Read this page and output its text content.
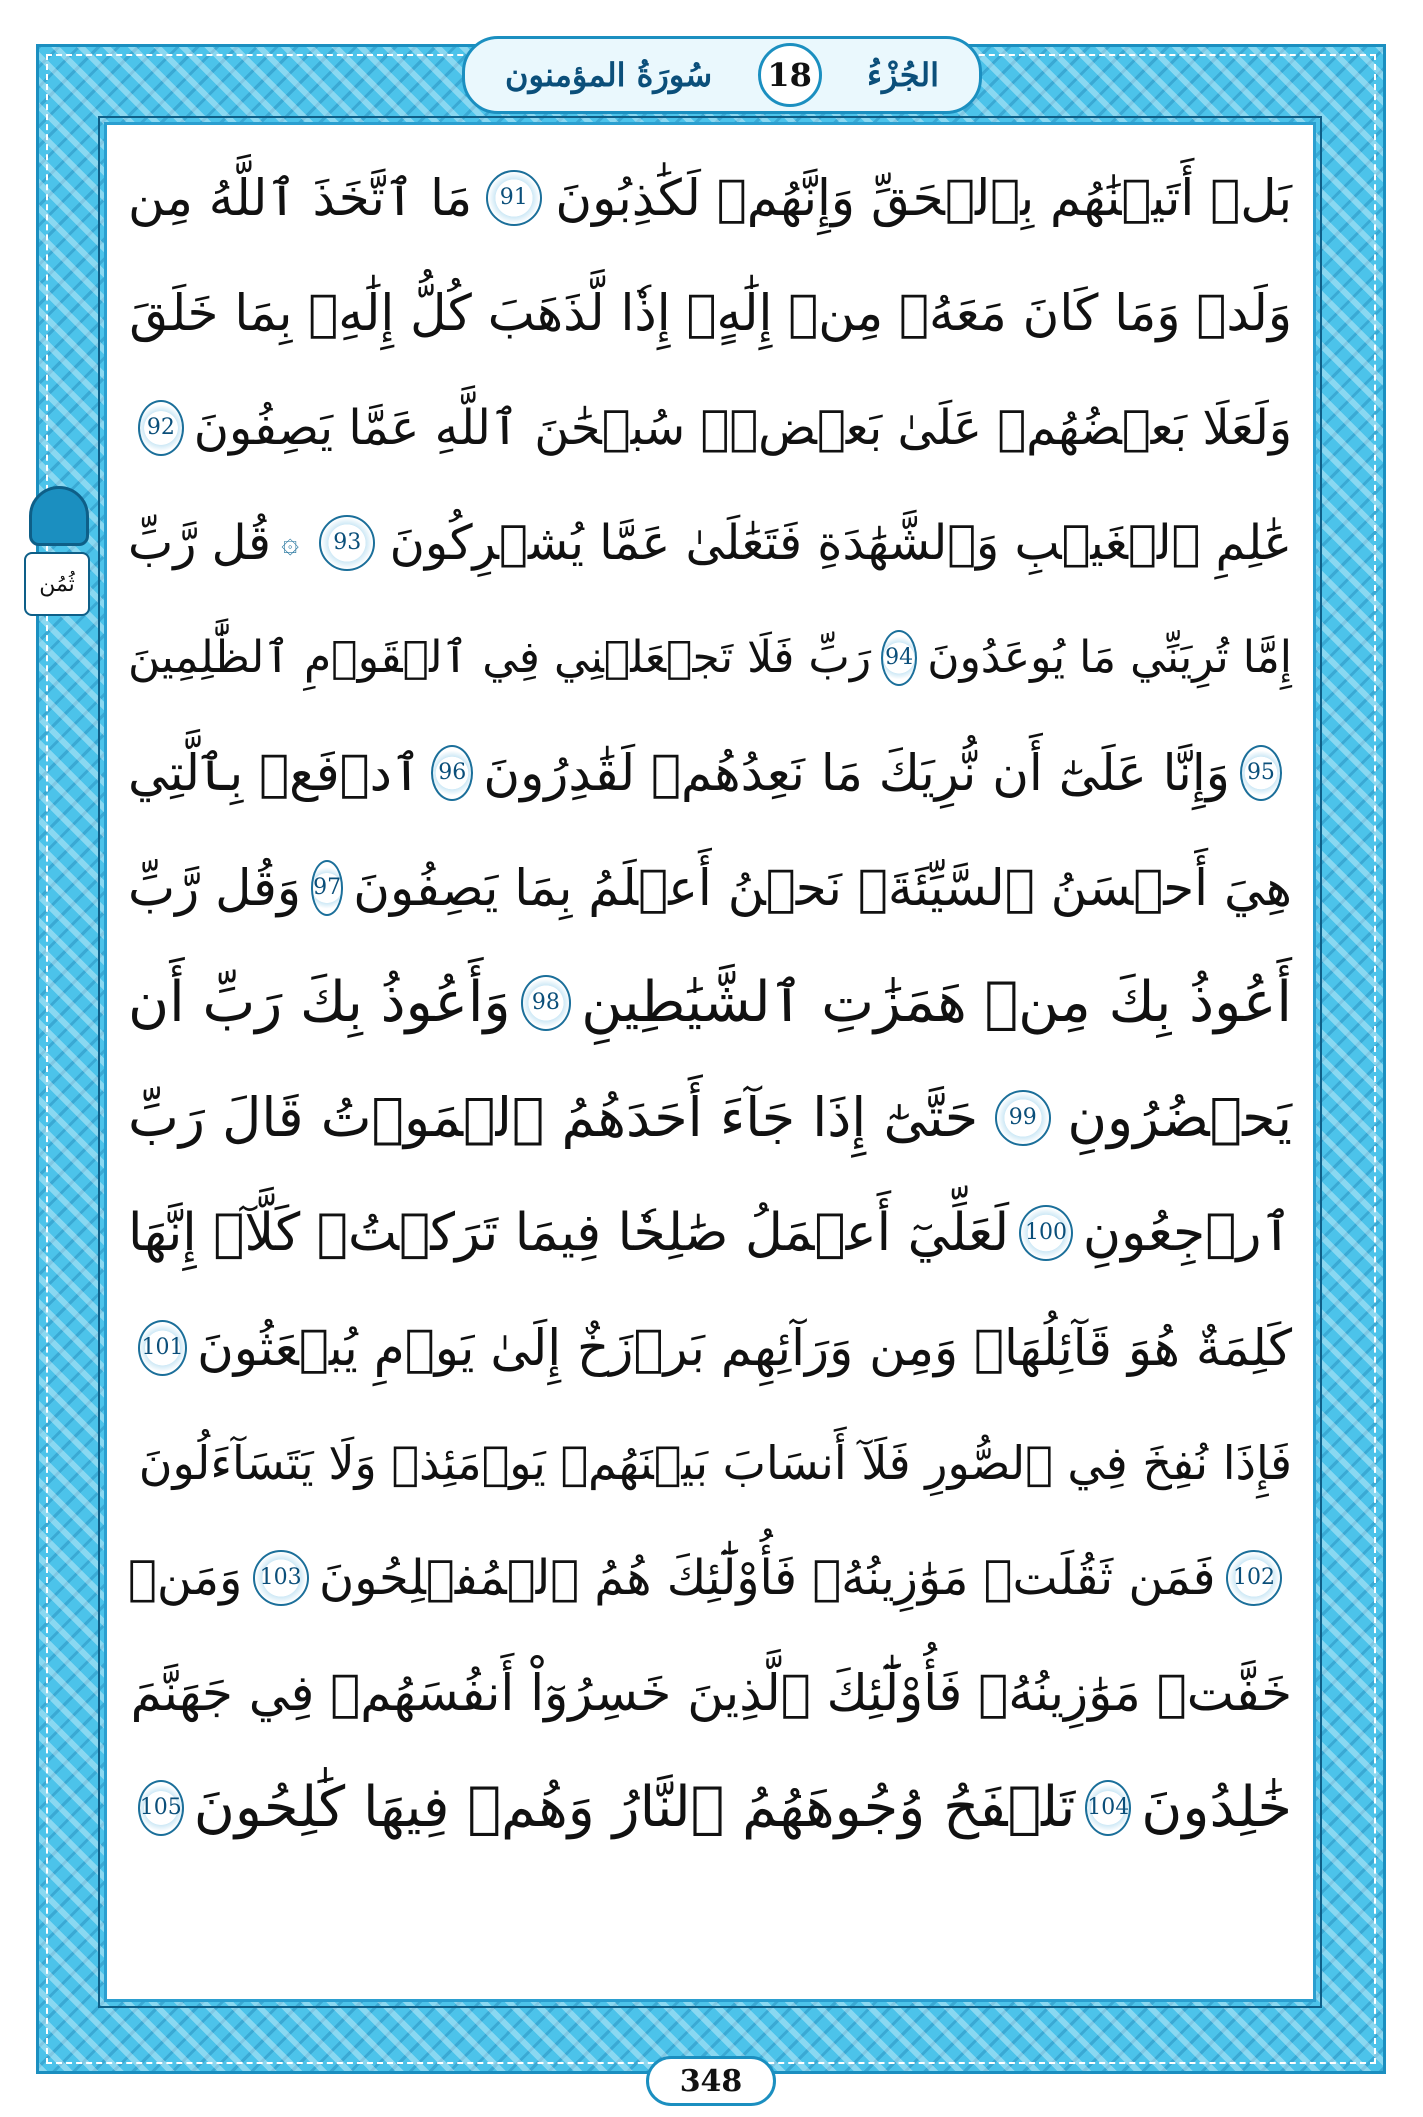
سُورَةُ المؤمنون	18	الجُزْءُ
ثُمُن
بَلۡ أَتَيۡنَٰهُم بِٱلۡحَقِّ وَإِنَّهُمۡ لَكَٰذِبُونَ
91
مَا ٱتَّخَذَ ٱللَّهُ مِن
وَلَدٖ وَمَا كَانَ مَعَهُۥ مِنۡ إِلَٰهٍۚ إِذٗا لَّذَهَبَ كُلُّ إِلَٰهِۭ بِمَا خَلَقَ
وَلَعَلَا بَعۡضُهُمۡ عَلَىٰ بَعۡضٖۚ سُبۡحَٰنَ ٱللَّهِ عَمَّا يَصِفُونَ
92
عَٰلِمِ ٱلۡغَيۡبِ وَٱلشَّهَٰدَةِ فَتَعَٰلَىٰ عَمَّا يُشۡرِكُونَ
93
۞
قُل رَّبِّ
إِمَّا تُرِيَنِّي مَا يُوعَدُونَ
94
رَبِّ فَلَا تَجۡعَلۡنِي فِي ٱلۡقَوۡمِ ٱلظَّٰلِمِينَ
95
وَإِنَّا عَلَىٰٓ أَن نُّرِيَكَ مَا نَعِدُهُمۡ لَقَٰدِرُونَ
96
ٱدۡفَعۡ بِٱلَّتِي
هِيَ أَحۡسَنُ ٱلسَّيِّئَةَۚ نَحۡنُ أَعۡلَمُ بِمَا يَصِفُونَ
97
وَقُل رَّبِّ
أَعُوذُ بِكَ مِنۡ هَمَزَٰتِ ٱلشَّيَٰطِينِ
98
وَأَعُوذُ بِكَ رَبِّ أَن
يَحۡضُرُونِ
99
حَتَّىٰٓ إِذَا جَآءَ أَحَدَهُمُ ٱلۡمَوۡتُ قَالَ رَبِّ
ٱرۡجِعُونِ
100
لَعَلِّيٓ أَعۡمَلُ صَٰلِحٗا فِيمَا تَرَكۡتُۚ كَلَّآۚ إِنَّهَا
كَلِمَةٌ هُوَ قَآئِلُهَاۖ وَمِن وَرَآئِهِم بَرۡزَخٌ إِلَىٰ يَوۡمِ يُبۡعَثُونَ
101
فَإِذَا نُفِخَ فِي ٱلصُّورِ فَلَآ أَنسَابَ بَيۡنَهُمۡ يَوۡمَئِذٖ وَلَا يَتَسَآءَلُونَ
102
فَمَن ثَقُلَتۡ مَوَٰزِينُهُۥ فَأُوْلَٰٓئِكَ هُمُ ٱلۡمُفۡلِحُونَ
103
وَمَنۡ
خَفَّتۡ مَوَٰزِينُهُۥ فَأُوْلَٰٓئِكَ ٱلَّذِينَ خَسِرُوٓاْ أَنفُسَهُمۡ فِي جَهَنَّمَ
خَٰلِدُونَ
104
تَلۡفَحُ وُجُوهَهُمُ ٱلنَّارُ وَهُمۡ فِيهَا كَٰلِحُونَ
105
348
